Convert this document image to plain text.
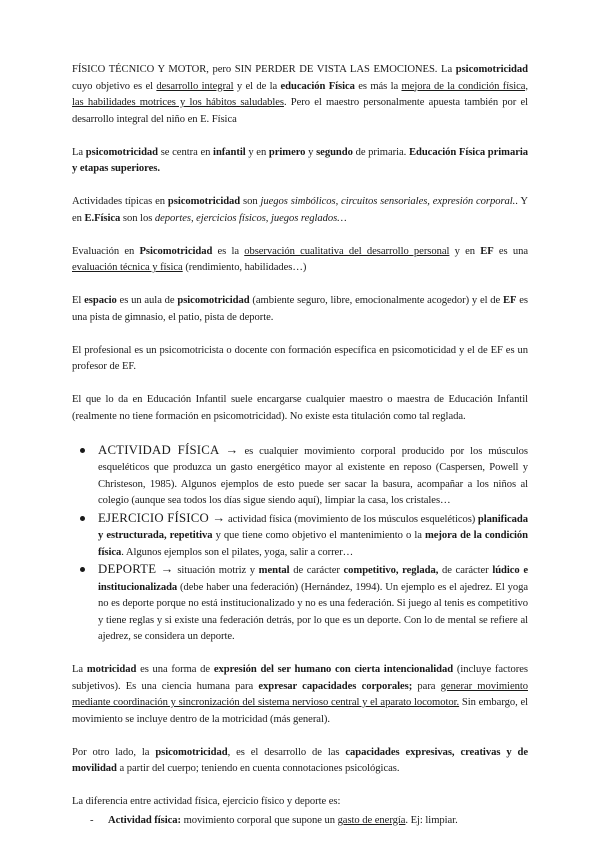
FÍSICO TÉCNICO Y MOTOR, pero SIN PERDER DE VISTA LAS EMOCIONES. La psicomotricidad cuyo objetivo es el desarrollo integral y el de la educación Física es más la mejora de la condición física, las habilidades motrices y los hábitos saludables. Pero el maestro personalmente apuesta también por el desarrollo integral del niño en E. Física

La psicomotricidad se centra en infantil y en primero y segundo de primaria. Educación Física primaria y etapas superiores.

Actividades típicas en psicomotricidad son juegos simbólicos, circuitos sensoriales, expresión corporal.. Y en E.Física son los deportes, ejercicios físicos, juegos reglados…

Evaluación en Psicomotricidad es la observación cualitativa del desarrollo personal y en EF es una evaluación técnica y física (rendimiento, habilidades…)

El espacio es un aula de psicomotricidad (ambiente seguro, libre, emocionalmente acogedor) y el de EF es una pista de gimnasio, el patio, pista de deporte.

El profesional es un psicomotricista o docente con formación específica en psicomoticidad y el de EF es un profesor de EF.

El que lo da en Educación Infantil suele encargarse cualquier maestro o maestra de Educación Infantil (realmente no tiene formación en psicomotricidad). No existe esta titulación como tal reglada.

ACTIVIDAD FÍSICA → es cualquier movimiento corporal producido por los músculos esqueléticos que produzca un gasto energético mayor al existente en reposo (Caspersen, Powell y Christeson, 1985). Algunos ejemplos de esto puede ser sacar la basura, acompañar a los niños al colegio (aunque sea todos los días sigue siendo aquí), limpiar la casa, los cristales…
EJERCICIO FÍSICO → actividad física (movimiento de los músculos esqueléticos) planificada y estructurada, repetitiva y que tiene como objetivo el mantenimiento o la mejora de la condición física. Algunos ejemplos son el pilates, yoga, salir a correr…
DEPORTE → situación motriz y mental de carácter competitivo, reglada, de carácter lúdico e institucionalizada (debe haber una federación) (Hernández, 1994). Un ejemplo es el ajedrez. El yoga no es deporte porque no está institucionalizado y no es una federación. Si juego al tenis es competitivo y tiene reglas y si existe una federación detrás, por lo que es un deporte. Con lo de mental se refiere al ajedrez, se considera un deporte.

La motricidad es una forma de expresión del ser humano con cierta intencionalidad (incluye factores subjetivos). Es una ciencia humana para expresar capacidades corporales; para generar movimiento mediante coordinación y sincronización del sistema nervioso central y el aparato locomotor. Sin embargo, el movimiento se incluye dentro de la motricidad (más general).

Por otro lado, la psicomotricidad, es el desarrollo de las capacidades expresivas, creativas y de movilidad a partir del cuerpo; teniendo en cuenta connotaciones psicológicas.

La diferencia entre actividad física, ejercicio físico y deporte es:

- Actividad física: movimiento corporal que supone un gasto de energía. Ej: limpiar.
